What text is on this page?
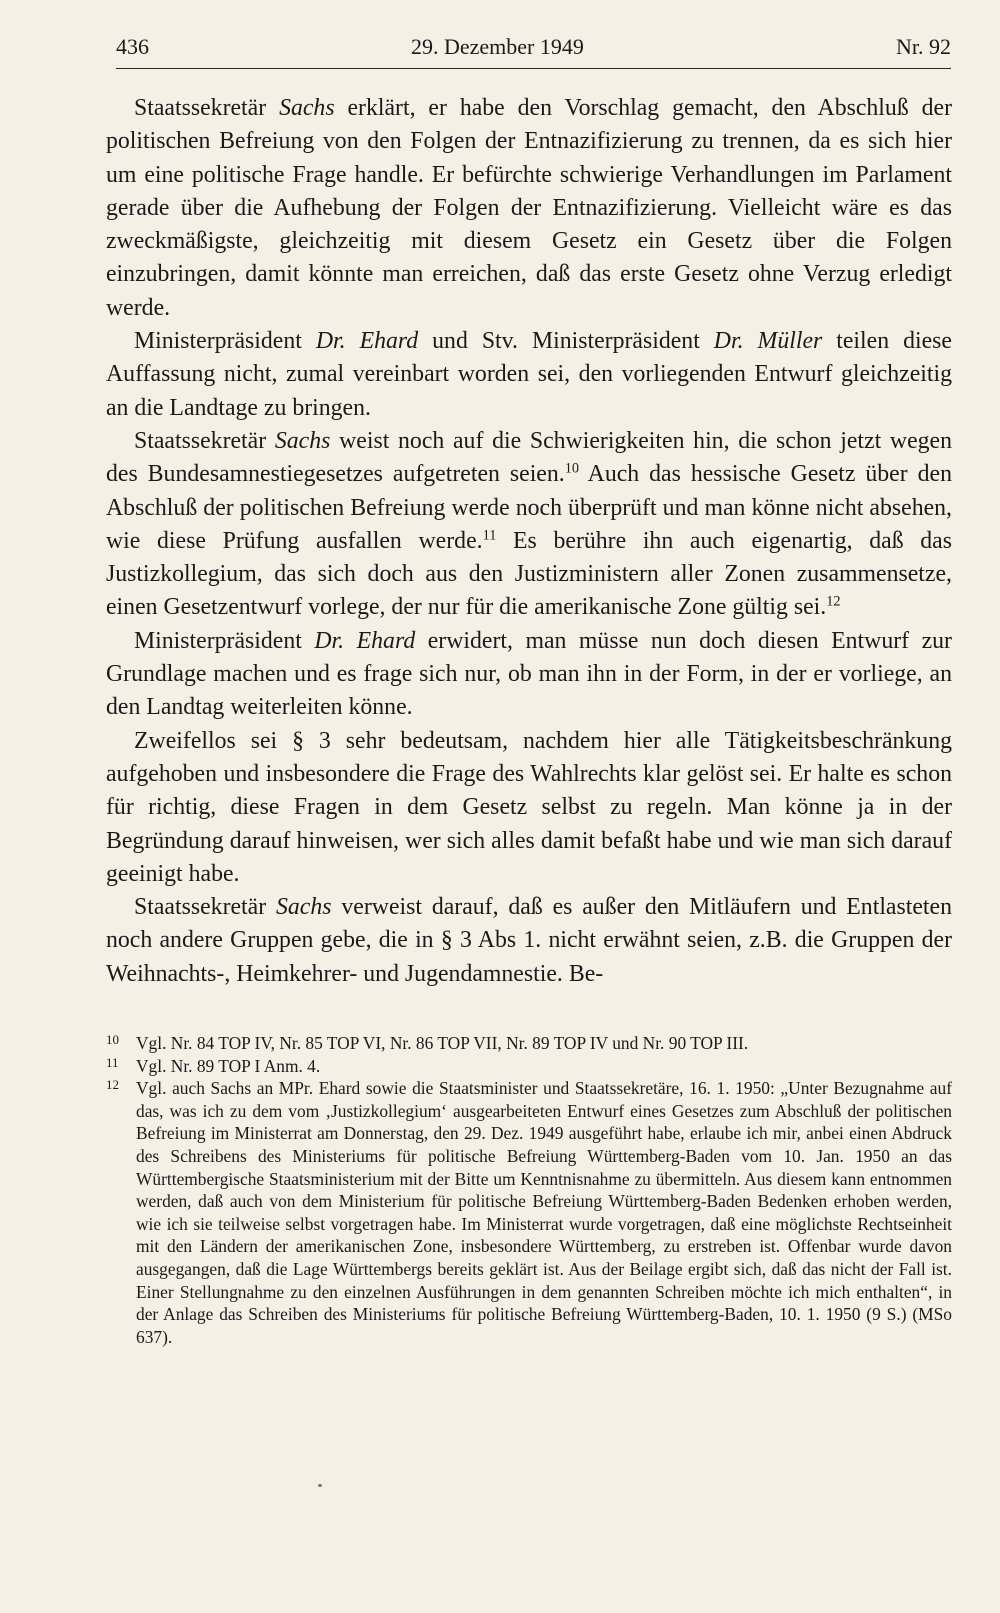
436	29. Dezember 1949	Nr. 92

Staatssekretär Sachs erklärt, er habe den Vorschlag gemacht, den Abschluß der politischen Befreiung von den Folgen der Entnazifizierung zu trennen, da es sich hier um eine politische Frage handle. Er befürchte schwierige Verhandlungen im Parlament gerade über die Aufhebung der Folgen der Entnazifizierung. Vielleicht wäre es das zweckmäßigste, gleichzeitig mit diesem Gesetz ein Gesetz über die Folgen einzubringen, damit könnte man erreichen, daß das erste Gesetz ohne Verzug erledigt werde.

Ministerpräsident Dr. Ehard und Stv. Ministerpräsident Dr. Müller teilen diese Auffassung nicht, zumal vereinbart worden sei, den vorliegenden Entwurf gleichzeitig an die Landtage zu bringen.

Staatssekretär Sachs weist noch auf die Schwierigkeiten hin, die schon jetzt wegen des Bundesamnestiegesetzes aufgetreten seien.$^{10}$ Auch das hessische Gesetz über den Abschluß der politischen Befreiung werde noch überprüft und man könne nicht absehen, wie diese Prüfung ausfallen werde.$^{11}$ Es berühre ihn auch eigenartig, daß das Justizkollegium, das sich doch aus den Justizministern aller Zonen zusammensetze, einen Gesetzentwurf vorlege, der nur für die amerikanische Zone gültig sei.$^{12}$

Ministerpräsident Dr. Ehard erwidert, man müsse nun doch diesen Entwurf zur Grundlage machen und es frage sich nur, ob man ihn in der Form, in der er vorliege, an den Landtag weiterleiten könne.

Zweifellos sei § 3 sehr bedeutsam, nachdem hier alle Tätigkeitsbeschränkung aufgehoben und insbesondere die Frage des Wahlrechts klar gelöst sei. Er halte es schon für richtig, diese Fragen in dem Gesetz selbst zu regeln. Man könne ja in der Begründung darauf hinweisen, wer sich alles damit befaßt habe und wie man sich darauf geeinigt habe.

Staatssekretär Sachs verweist darauf, daß es außer den Mitläufern und Entlasteten noch andere Gruppen gebe, die in § 3 Abs 1. nicht erwähnt seien, z.B. die Gruppen der Weihnachts-, Heimkehrer- und Jugendamnestie. Be-

10 Vgl. Nr. 84 TOP IV, Nr. 85 TOP VI, Nr. 86 TOP VII, Nr. 89 TOP IV und Nr. 90 TOP III.

11 Vgl. Nr. 89 TOP I Anm. 4.

12 Vgl. auch Sachs an MPr. Ehard sowie die Staatsminister und Staatssekretäre, 16. 1. 1950: „Unter Bezugnahme auf das, was ich zu dem vom ‚Justizkollegium‘ ausgearbeiteten Entwurf eines Gesetzes zum Abschluß der politischen Befreiung im Ministerrat am Donnerstag, den 29. Dez. 1949 ausgeführt habe, erlaube ich mir, anbei einen Abdruck des Schreibens des Ministeriums für politische Befreiung Württemberg-Baden vom 10. Jan. 1950 an das Württembergische Staatsministerium mit der Bitte um Kenntnisnahme zu übermitteln. Aus diesem kann entnommen werden, daß auch von dem Ministerium für politische Befreiung Württemberg-Baden Bedenken erhoben werden, wie ich sie teilweise selbst vorgetragen habe. Im Ministerrat wurde vorgetragen, daß eine möglichste Rechtseinheit mit den Ländern der amerikanischen Zone, insbesondere Württemberg, zu erstreben ist. Offenbar wurde davon ausgegangen, daß die Lage Württembergs bereits geklärt ist. Aus der Beilage ergibt sich, daß das nicht der Fall ist. Einer Stellungnahme zu den einzelnen Ausführungen in dem genannten Schreiben möchte ich mich enthalten“, in der Anlage das Schreiben des Ministeriums für politische Befreiung Württemberg-Baden, 10. 1. 1950 (9 S.) (MSo 637).
